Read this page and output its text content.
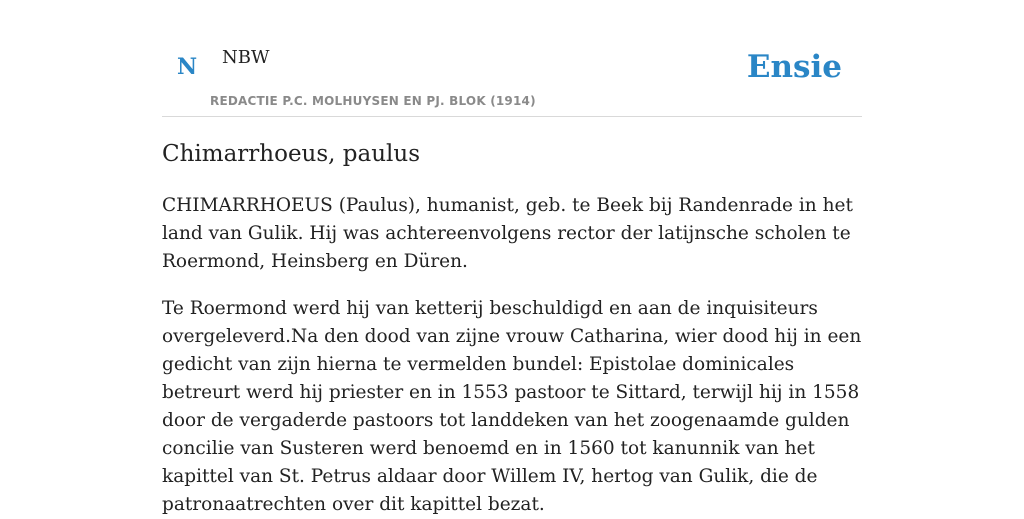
N NBW
REDACTIE P.C. MOLHUYSEN EN PJ. BLOK (1914)
Ensie
Chimarrhoeus, paulus

CHIMARRHOEUS (Paulus), humanist, geb. te Beek bij Randenrade in het land van Gulik. Hij was achtereenvolgens rector der latijnsche scholen te Roermond, Heinsberg en Düren.

Te Roermond werd hij van ketterij beschuldigd en aan de inquisiteurs overgeleverd.Na den dood van zijne vrouw Catharina, wier dood hij in een gedicht van zijn hierna te vermelden bundel: Epistolae dominicales betreurt werd hij priester en in 1553 pastoor te Sittard, terwijl hij in 1558 door de vergaderde pastoors tot landdeken van het zoogenaamde gulden concilie van Susteren werd benoemd en in 1560 tot kanunnik van het kapittel van St. Petrus aldaar door Willem IV, hertog van Gulik, die de patronaatrechten over dit kapittel bezat.
